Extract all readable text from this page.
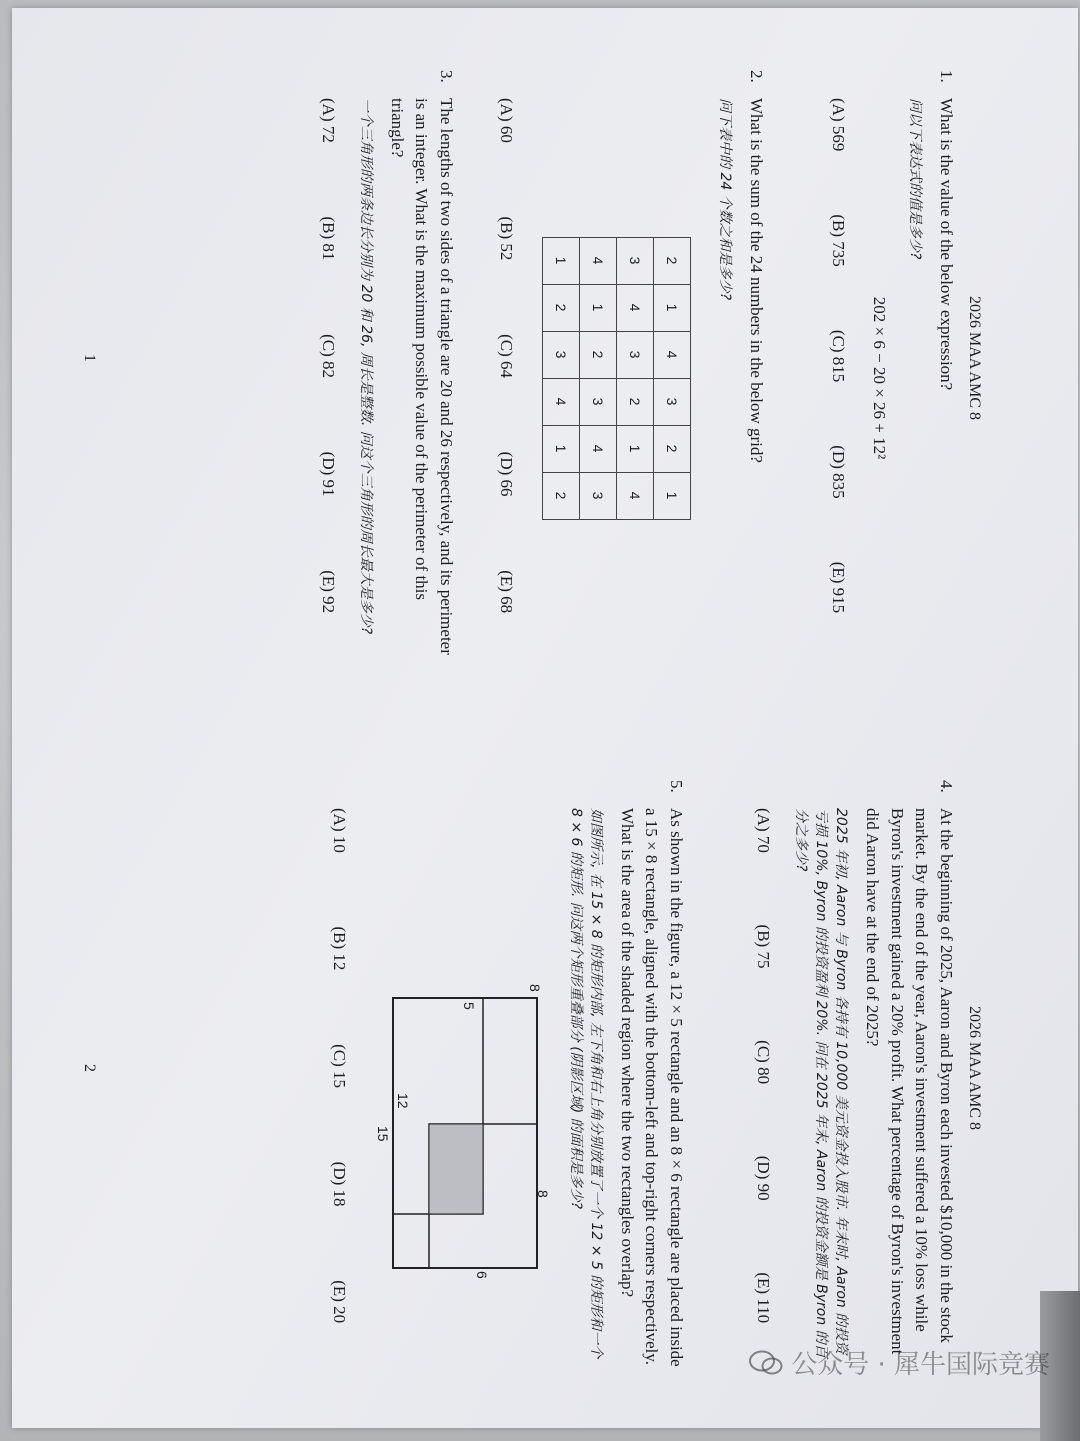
2026 MAA AMC 8
1.
What is the value of the below expression?
问以下表达式的值是多少?
202 × 6 − 20 × 26 + 12²
(A) 569
(B) 735
(C) 815
(D) 835
(E) 915
2.
What is the sum of the 24 numbers in the below grid?
问下表中的 24 个数之和是多少?
2	1	4	3	2	1
3	4	3	2	1	4
4	1	2	3	4	3
1	2	3	4	1	2
(A) 60
(B) 52
(C) 64
(D) 66
(E) 68
3.
The lengths of two sides of a triangle are 20 and 26 respectively, and its perimeter is an integer. What is the maximum possible value of the perimeter of this triangle?
一个三角形的两条边长分别为 20 和 26, 周长是整数. 问这个三角形的周长最大是多少?
(A) 72
(B) 81
(C) 82
(D) 91
(E) 92
1
2026 MAA AMC 8
4.
At the beginning of 2025, Aaron and Byron each invested $10,000 in the stock market. By the end of the year, Aaron's investment suffered a 10% loss while Byron's investment gained a 20% profit. What percentage of Byron's investment did Aaron have at the end of 2025?
2025 年初, Aaron 与 Byron 各持有 10,000 美元资金投入股市. 年末时, Aaron 的投资亏损 10%, Byron 的投资盈利 20%. 问在 2025 年末, Aaron 的投资金额是 Byron 的百分之多少?
(A) 70
(B) 75
(C) 80
(D) 90
(E) 110
5.
As shown in the figure, a 12 × 5 rectangle and an 8 × 6 rectangle are placed inside a 15 × 8 rectangle, aligned with the bottom-left and top-right corners respectively. What is the area of the shaded region where the two rectangles overlap?
如图所示, 在 15 × 8 的矩形内部, 左下角和右上角分别放置了一个 12 × 5 的矩形和一个 8 × 6 的矩形. 问这两个矩形重叠部分 (阴影区域) 的面积是多少?
8
6
8
5
12
15
(A) 10
(B) 12
(C) 15
(D) 18
(E) 20
2
公众号 · 犀牛国际竞赛
